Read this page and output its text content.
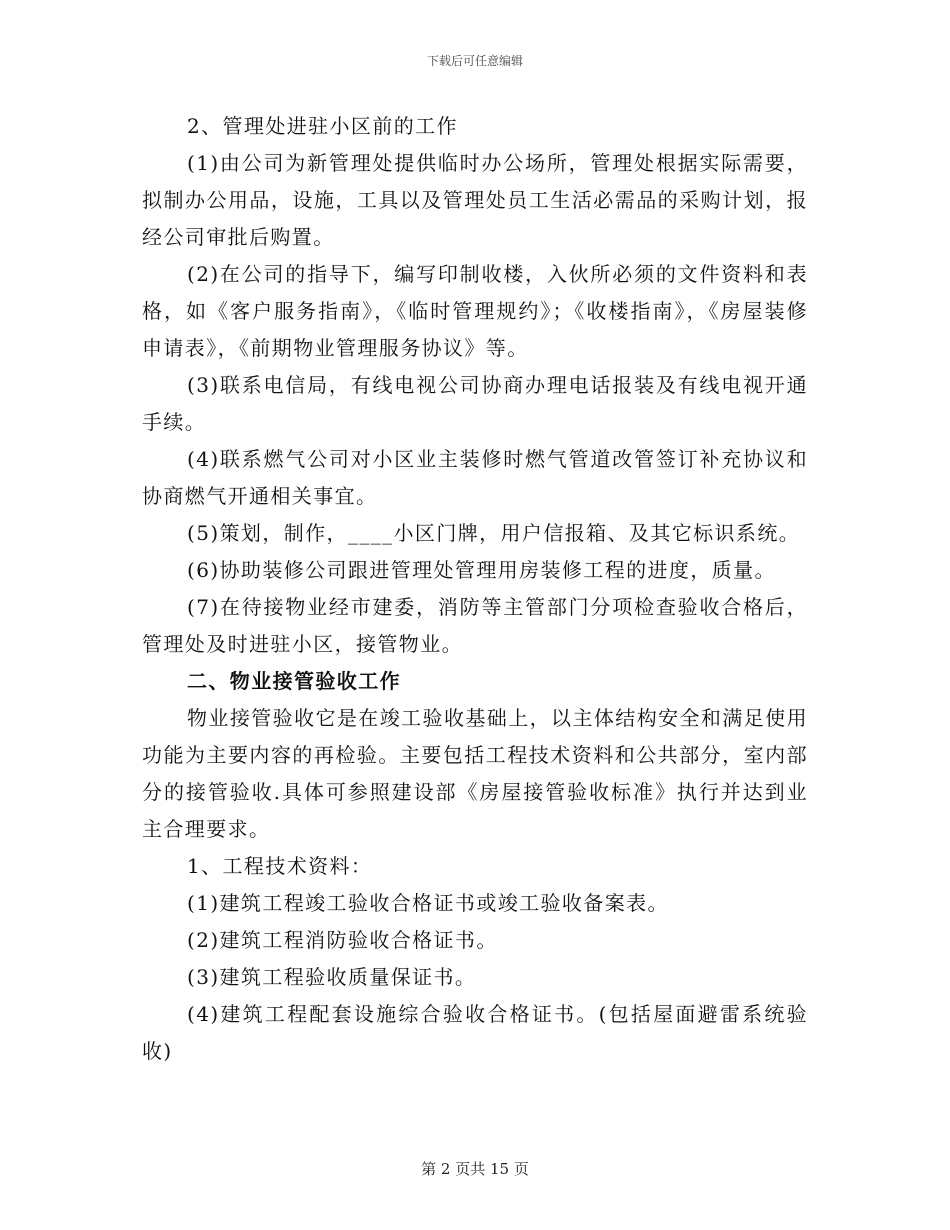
下载后可任意编辑

2、管理处进驻小区前的工作

(1)由公司为新管理处提供临时办公场所，管理处根据实际需要，拟制办公用品，设施，工具以及管理处员工生活必需品的采购计划，报经公司审批后购置。

(2)在公司的指导下，编写印制收楼，入伙所必须的文件资料和表格，如《客户服务指南》，《临时管理规约》；《收楼指南》，《房屋装修申请表》，《前期物业管理服务协议》等。

(3)联系电信局，有线电视公司协商办理电话报装及有线电视开通手续。

(4)联系燃气公司对小区业主装修时燃气管道改管签订补充协议和协商燃气开通相关事宜。

(5)策划，制作，____小区门牌，用户信报箱、及其它标识系统。

(6)协助装修公司跟进管理处管理用房装修工程的进度，质量。

(7)在待接物业经市建委，消防等主管部门分项检查验收合格后，管理处及时进驻小区，接管物业。

二、物业接管验收工作

物业接管验收它是在竣工验收基础上，以主体结构安全和满足使用功能为主要内容的再检验。主要包括工程技术资料和公共部分，室内部分的接管验收.具体可参照建设部《房屋接管验收标准》执行并达到业主合理要求。

1、工程技术资料：

(1)建筑工程竣工验收合格证书或竣工验收备案表。

(2)建筑工程消防验收合格证书。

(3)建筑工程验收质量保证书。

(4)建筑工程配套设施综合验收合格证书。(包括屋面避雷系统验收)

第 2 页共 15 页
